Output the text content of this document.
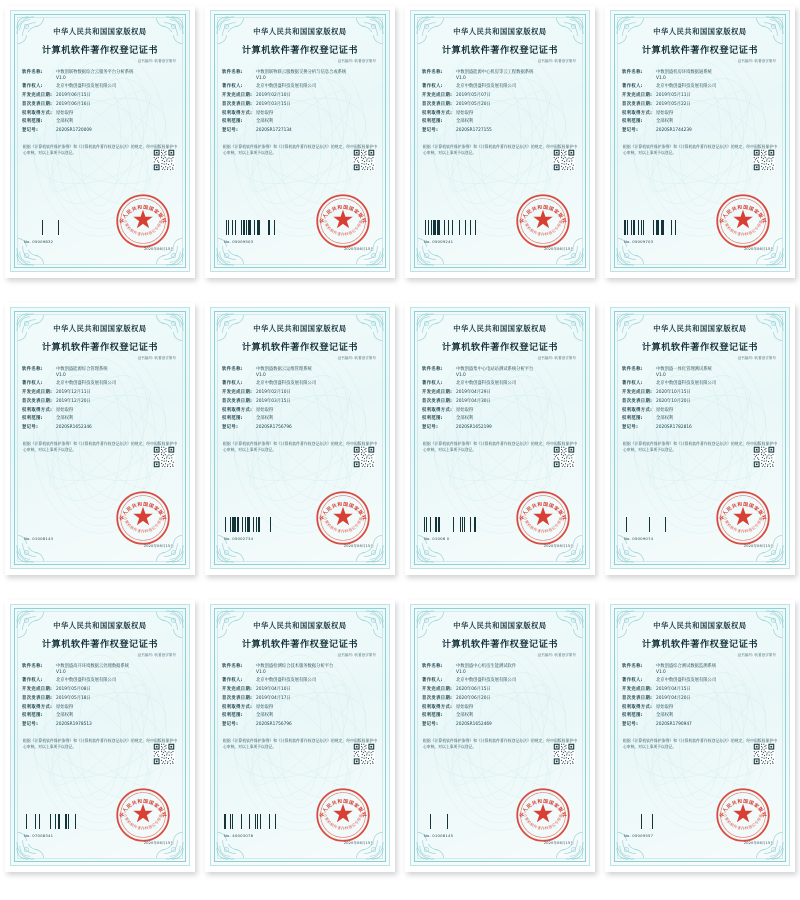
中华人民共和国国家版权局
计算机软件著作权登记证书
证书编号: 软著登字第号
软件名称:	中数创联物数据综合云服务平台分析系统
V1.0
著作权人:	北京中数创盛科技发展有限公司
开发完成日期: 2019年06月15日
首次发表日期: 2019年06月16日
权利取得方式: 原始取得
权利范围:	全部权利
登记号:	2020SR1720009
根据《计算机软件保护条例》和《计算机软件著作权登记办法》的规定，经中国版权保护中心审核，对以上事项予以登记。
No. 05009832
2020年06月15日
中华人民共和国国家版权局
计算机软件著作权登记证书
证书编号: 软著登字第号
软件名称:	中数创联物联云服数据交换分析与信息合成系统
V1.0
著作权人:	北京中数创盛科技发展有限公司
开发完成日期: 2019年02月10日
首次发表日期: 2019年03月15日
权利取得方式: 原始取得
权利范围:	全部权利
登记号:	2020SR1727134
根据《计算机软件保护条例》和《计算机软件著作权登记办法》的规定，经中国版权保护中心审核，对以上事项予以登记。
No. 05009503
2020年06月15日
中华人民共和国国家版权局
计算机软件著作权登记证书
证书编号: 软著登字第号
软件名称:	中数创盛能源中心机房等云工程数据系统
V1.0
著作权人:	北京中数创盛科技发展有限公司
开发完成日期: 2019年05月07日
首次发表日期: 2019年05月20日
权利取得方式: 原始取得
权利范围:	全部权利
登记号:	2020SR1727155
根据《计算机软件保护条例》和《计算机软件著作权登记办法》的规定，经中国版权保护中心审核，对以上事项予以登记。
No. 05009241
2020年06月15日
中华人民共和国国家版权局
计算机软件著作权登记证书
证书编号: 软著登字第号
软件名称:	中数创盛机房环境数据通系统
V1.0
著作权人:	北京中数创盛科技发展有限公司
开发完成日期: 2019年05月11日
首次发表日期: 2019年05月22日
权利取得方式: 原始取得
权利范围:	全部权利
登记号:	2020SR1744239
根据《计算机软件保护条例》和《计算机软件著作权登记办法》的规定，经中国版权保护中心审核，对以上事项予以登记。
No. 05009703
2020年06月15日
中华人民共和国国家版权局
计算机软件著作权登记证书
证书编号: 软著登字第号
软件名称:	中数创盛能源综合管理系统
V1.0
著作权人:	北京中数创盛科技发展有限公司
开发完成日期: 2019年12月11日
首次发表日期: 2019年12月20日
权利取得方式: 原始取得
权利范围:	全部权利
登记号:	2020SR1652346
根据《计算机软件保护条例》和《计算机软件著作权登记办法》的规定，经中国版权保护中心审核，对以上事项予以登记。
No. 01008143
2020年06月15日
中华人民共和国国家版权局
计算机软件著作权登记证书
证书编号: 软著登字第号
软件名称:	中数创盛数据云运维管理系统
V1.0
著作权人:	北京中数创盛科技发展有限公司
开发完成日期: 2019年02月10日
首次发表日期: 2019年03月15日
权利取得方式: 原始取得
权利范围:	全部权利
登记号:	2020SR1756796
根据《计算机软件保护条例》和《计算机软件著作权登记办法》的规定，经中国版权保护中心审核，对以上事项予以登记。
No. 05002734
2020年06月15日
中华人民共和国国家版权局
计算机软件著作权登记证书
证书编号: 软著登字第号
软件名称:	中数创盛集中心电站站测试系统分析平台
V1.0
著作权人:	北京中数创盛科技发展有限公司
开发完成日期: 2019年04月29日
首次发表日期: 2019年04月30日
权利取得方式: 原始取得
权利范围:	全部权利
登记号:	2020SR1652199
根据《计算机软件保护条例》和《计算机软件著作权登记办法》的规定，经中国版权保护中心审核，对以上事项予以登记。
No. 01006 0
2020年06月15日
中华人民共和国国家版权局
计算机软件著作权登记证书
证书编号: 软著登字第号
软件名称:	中数创盛一体化管理测试系统
V1.0
著作权人:	北京中数创盛科技发展有限公司
开发完成日期: 2020年10月15日
首次发表日期: 2020年10月20日
权利取得方式: 原始取得
权利范围:	全部权利
登记号:	2020SR1782816
根据《计算机软件保护条例》和《计算机软件著作权登记办法》的规定，经中国版权保护中心审核，对以上事项予以登记。
No. 05009074
2020年06月15日
中华人民共和国国家版权局
计算机软件著作权登记证书
证书编号: 软著登字第号
软件名称:	中数创盛高开环境数据云处理数据系统
V1.0
著作权人:	北京中数创盛科技发展有限公司
开发完成日期: 2019年05月08日
首次发表日期: 2019年05月18日
权利取得方式: 原始取得
权利范围:	全部权利
登记号:	2020SR1978513
根据《计算机软件保护条例》和《计算机软件著作权登记办法》的规定，经中国版权保护中心审核，对以上事项予以登记。
No. 07008341
2020年06月15日
中华人民共和国国家版权局
计算机软件著作权登记证书
证书编号: 软著登字第号
软件名称:	中数创盛检测综合技术服务数据分析平台
V1.0
著作权人:	北京中数创盛科技发展有限公司
开发完成日期: 2019年04月10日
首次发表日期: 2019年04月17日
权利取得方式: 原始取得
权利范围:	全部权利
登记号:	2020SR1756796
根据《计算机软件保护条例》和《计算机软件著作权登记办法》的规定，经中国版权保护中心审核，对以上事项予以登记。
No. 40003078
2020年06月15日
中华人民共和国国家版权局
计算机软件著作权登记证书
证书编号: 软著登字第号
软件名称:	中数创盛中心机房生能测试软件
V1.0
著作权人:	北京中数创盛科技发展有限公司
开发完成日期: 2020年06月15日
首次发表日期: 2020年06月20日
权利取得方式: 原始取得
权利范围:	全部权利
登记号:	2020SR1652469
根据《计算机软件保护条例》和《计算机软件著作权登记办法》的规定，经中国版权保护中心审核，对以上事项予以登记。
No. 01008145
2020年06月15日
中华人民共和国国家版权局
计算机软件著作权登记证书
证书编号: 软著登字第号
软件名称:	中数创盛综合测试数据监测系统
V1.0
著作权人:	北京中数创盛科技发展有限公司
开发完成日期: 2019年04月15日
首次发表日期: 2019年04月20日
权利取得方式: 原始取得
权利范围:	全部权利
登记号:	2020SR1790947
根据《计算机软件保护条例》和《计算机软件著作权登记办法》的规定，经中国版权保护中心审核，对以上事项予以登记。
No. 05009557
2020年06月15日
